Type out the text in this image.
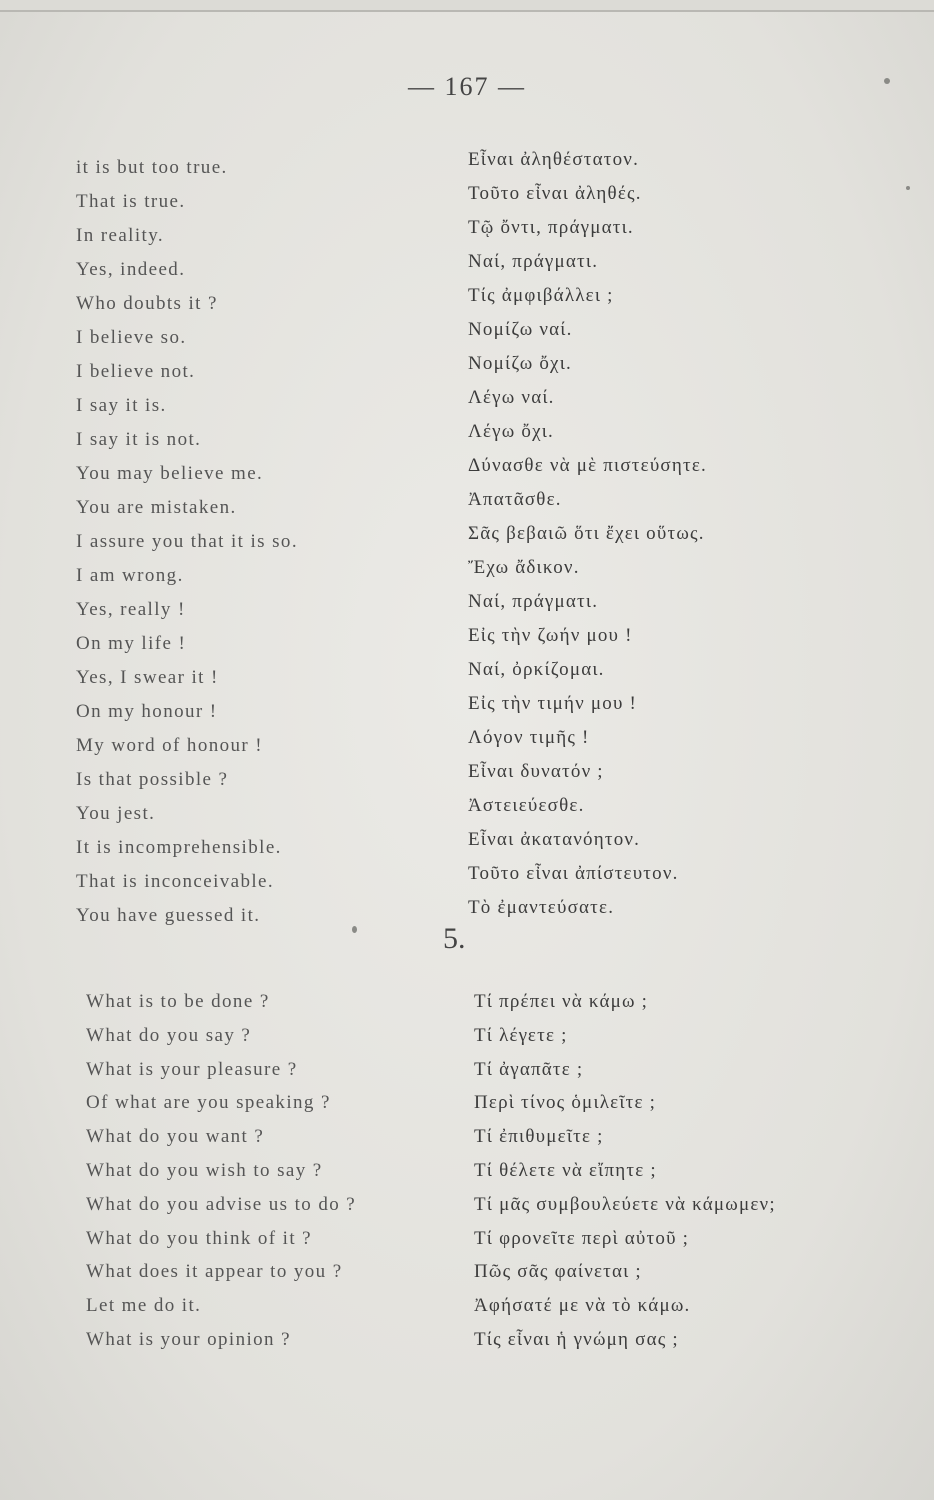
— 167 —
it is but too true.
That is true.
In reality.
Yes, indeed.
Who doubts it ?
I believe so.
I believe not.
I say it is.
I say it is not.
You may believe me.
You are mistaken.
I assure you that it is so.
I am wrong.
Yes, really !
On my life !
Yes, I swear it !
On my honour !
My word of honour !
Is that possible ?
You jest.
It is incomprehensible.
That is inconceivable.
You have guessed it.
Εἶναι ἀληθέστατον.
Τοῦτο εἶναι ἀληθές.
Τῷ ὄντι, πράγματι.
Ναί, πράγματι.
Τίς ἀμφιβάλλει ;
Νομίζω ναί.
Νομίζω ὄχι.
Λέγω ναί.
Λέγω ὄχι.
Δύνασθε νὰ μὲ πιστεύσητε.
Ἀπατᾶσθε.
Σᾶς βεβαιῶ ὅτι ἔχει οὕτως.
Ἔχω ἄδικον.
Ναί, πράγματι.
Εἰς τὴν ζωήν μου !
Ναί, ὀρκίζομαι.
Εἰς τὴν τιμήν μου !
Λόγον τιμῆς !
Εἶναι δυνατόν ;
Ἀστειεύεσθε.
Εἶναι ἀκατανόητον.
Τοῦτο εἶναι ἀπίστευτον.
Τὸ ἐμαντεύσατε.
5.
What is to be done ?
What do you say ?
What is your pleasure ?
Of what are you speaking ?
What do you want ?
What do you wish to say ?
What do you advise us to do ?
What do you think of it ?
What does it appear to you ?
Let me do it.
What is your opinion ?
Τί πρέπει νὰ κάμω ;
Τί λέγετε ;
Τί ἀγαπᾶτε ;
Περὶ τίνος ὁμιλεῖτε ;
Τί ἐπιθυμεῖτε ;
Τί θέλετε νὰ εἴπητε ;
Τί μᾶς συμβουλεύετε νὰ κάμωμεν;
Τί φρονεῖτε περὶ αὐτοῦ ;
Πῶς σᾶς φαίνεται ;
Ἀφήσατέ με νὰ τὸ κάμω.
Τίς εἶναι ἡ γνώμη σας ;
